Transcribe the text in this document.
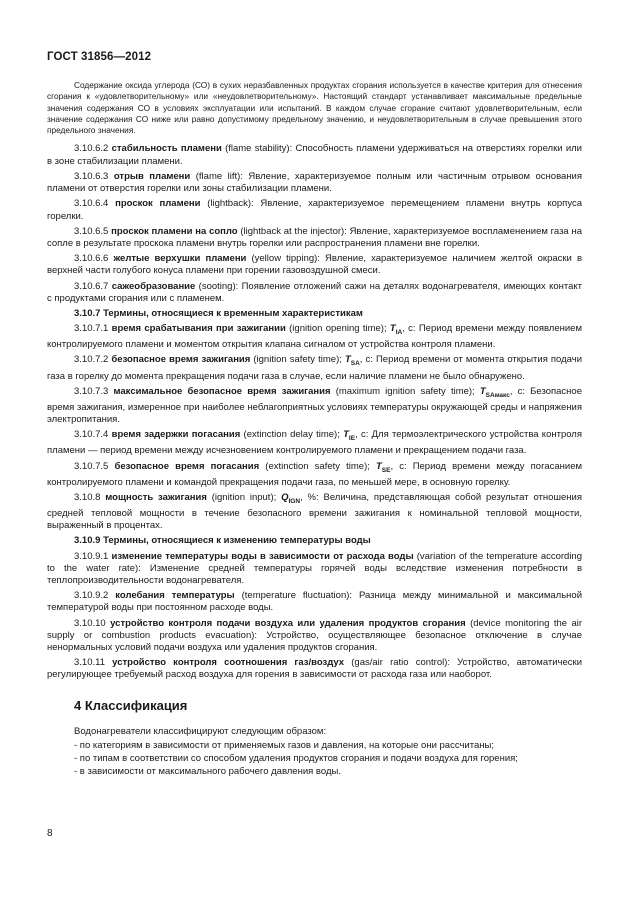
ГОСТ 31856—2012

Содержание оксида углерода (СО) в сухих неразбавленных продуктах сгорания используется в качестве критерия для отнесения сгорания к «удовлетворительному» или «неудовлетворительному». Настоящий стандарт устанавливает максимальные предельные значения содержания СО в условиях эксплуатации или испытаний. В каждом случае сгорание считают удовлетворительным, если значение содержания СО ниже или равно допустимому предельному значению, и неудовлетворительным в случае превышения этого предельного значения.

3.10.6.2 стабильность пламени (flame stability): Способность пламени удерживаться на отверстиях горелки или в зоне стабилизации пламени.

3.10.6.3 отрыв пламени (flame lift): Явление, характеризуемое полным или частичным отрывом основания пламени от отверстия горелки или зоны стабилизации пламени.

3.10.6.4 проскок пламени (lightback): Явление, характеризуемое перемещением пламени внутрь корпуса горелки.

3.10.6.5 проскок пламени на сопло (lightback at the injector): Явление, характеризуемое воспламенением газа на сопле в результате проскока пламени внутрь горелки или распространения пламени вне горелки.

3.10.6.6 желтые верхушки пламени (yellow tipping): Явление, характеризуемое наличием желтой окраски в верхней части голубого конуса пламени при горении газовоздушной смеси.

3.10.6.7 сажеобразование (sooting): Появление отложений сажи на деталях водонагревателя, имеющих контакт с продуктами сгорания или с пламенем.

3.10.7 Термины, относящиеся к временным характеристикам

3.10.7.1 время срабатывания при зажигании (ignition opening time); $T_{IA}$, с: Период времени между появлением контролируемого пламени и моментом открытия клапана сигналом от устройства контроля пламени.

3.10.7.2 безопасное время зажигания (ignition safety time); $T_{SA}$, с: Период времени от момента открытия подачи газа в горелку до момента прекращения подачи газа в случае, если наличие пламени не было обнаружено.

3.10.7.3 максимальное безопасное время зажигания (maximum ignition safety time); $T_{SAмакс}$, с: Безопасное время зажигания, измеренное при наиболее неблагоприятных условиях температуры окружающей среды и напряжения электропитания.

3.10.7.4 время задержки погасания (extinction delay time); $T_{IE}$, с: Для термоэлектрического устройства контроля пламени — период времени между исчезновением контролируемого пламени и прекращением подачи газа.

3.10.7.5 безопасное время погасания (extinction safety time); $T_{SE}$, с: Период времени между погасанием контролируемого пламени и командой прекращения подачи газа, по меньшей мере, в основную горелку.

3.10.8 мощность зажигания (ignition input); $Q_{IGN}$, %: Величина, представляющая собой результат отношения средней тепловой мощности в течение безопасного времени зажигания к номинальной тепловой мощности, выраженный в процентах.

3.10.9 Термины, относящиеся к изменению температуры воды

3.10.9.1 изменение температуры воды в зависимости от расхода воды (variation of the temperature according to the water rate): Изменение средней температуры горячей воды вследствие изменения потребности в теплопроизводительности водонагревателя.

3.10.9.2 колебания температуры (temperature fluctuation): Разница между минимальной и максимальной температурой воды при постоянном расходе воды.

3.10.10 устройство контроля подачи воздуха или удаления продуктов сгорания (device monitoring the air supply or combustion products evacuation): Устройство, осуществляющее безопасное отключение в случае ненормальных условий подачи воздуха или удаления продуктов сгорания.

3.10.11 устройство контроля соотношения газ/воздух (gas/air ratio control): Устройство, автоматически регулирующее требуемый расход воздуха для горения в зависимости от расхода газа или наоборот.

4 Классификация

Водонагреватели классифицируют следующим образом:

- по категориям в зависимости от применяемых газов и давления, на которые они рассчитаны;

- по типам в соответствии со способом удаления продуктов сгорания и подачи воздуха для горения;

- в зависимости от максимального рабочего давления воды.

8
